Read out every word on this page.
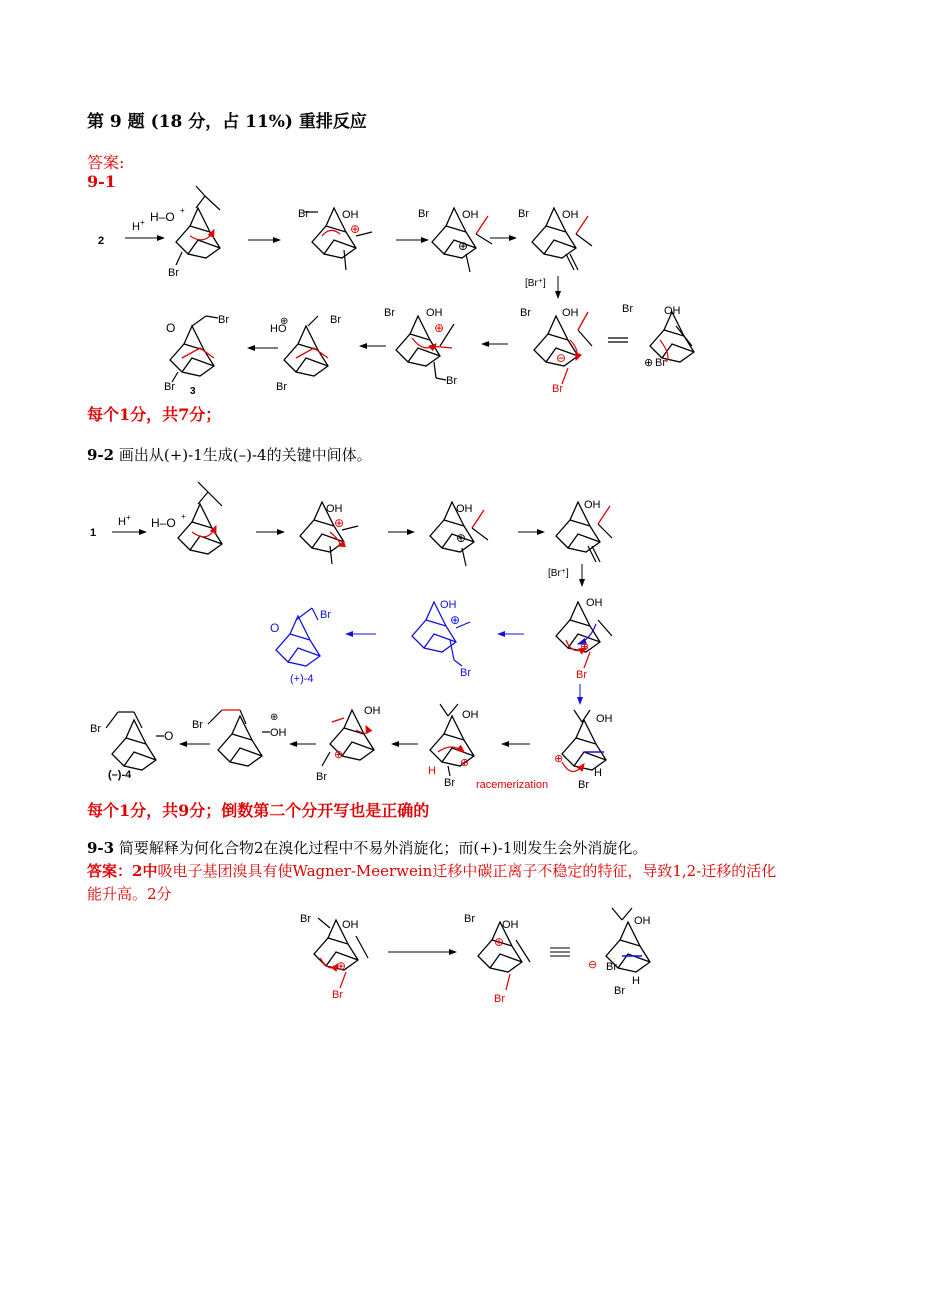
第 9 题 (18 分，占 11%) 重排反应
答案:
9-1
每个1分，共7分；
9-2 画出从(+)-1生成(–)-4的关键中间体。
每个1分，共9分；倒数第二个分开写也是正确的
9-3 简要解释为何化合物2在溴化过程中不易外消旋化；而(+)-1则发生会外消旋化。
答案：2中吸电子基团溴具有使Wagner-Meerwein迁移中碳正离子不稳定的特征，导致1,2-迁移的活化
能升高。2分
2
H+ H–O +
Br
Br	OH
⊕
Br	OH
⊕
Br	OH
[Br⁺]
O
Br
Br 3
HO
⊕	Br
Br
Br	OH
⊕
Br
Br	OH
⊖
Br
Br	OH
⊕ Br
1
H+ H–O +
OH
⊕
OH
⊕
OH
[Br⁺]
O
Br
(+)-4
OH
⊕
Br
OH
⊕
Br
Br	O
(–)-4
Br
⊕
OH
OH
⊕
Br
OH
H
⊕
Br racemerization
OH
⊕
H
Br
Br	OH
⊕
Br
Br OH
⊕
Br
OH
⊖ Br
H
Br
